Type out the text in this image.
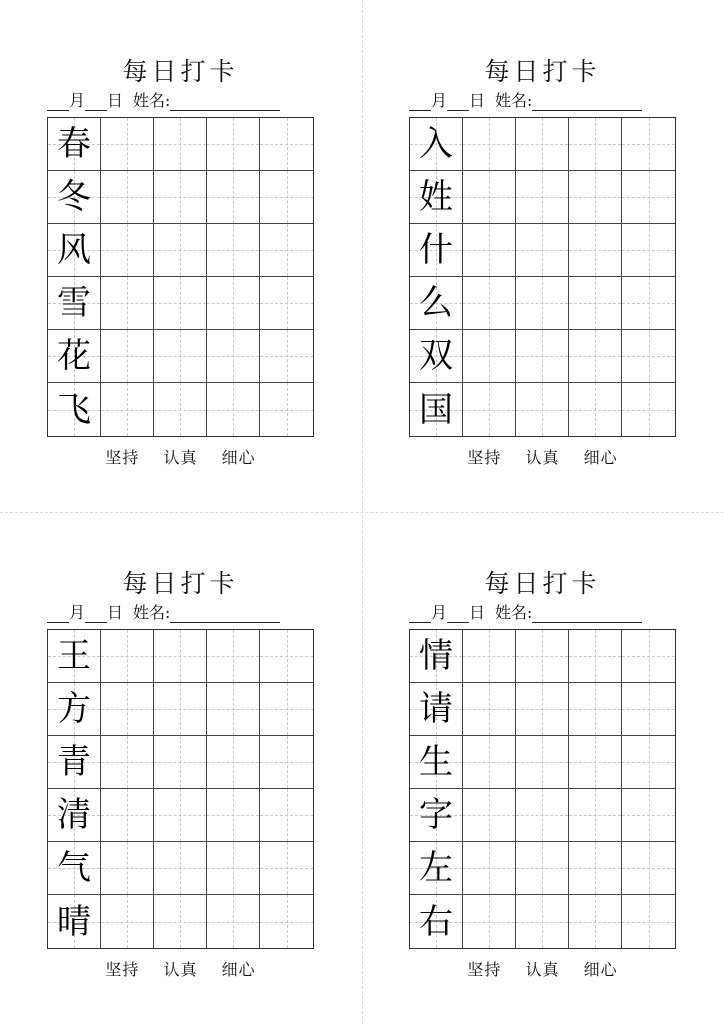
每日打卡
月 日 姓名:
春
冬
风
雪
花
飞
坚持 认真 细心
每日打卡
月 日 姓名:
入
姓
什
么
双
国
坚持 认真 细心
每日打卡
月 日 姓名:
王
方
青
清
气
晴
坚持 认真 细心
每日打卡
月 日 姓名:
情
请
生
字
左
右
坚持 认真 细心
